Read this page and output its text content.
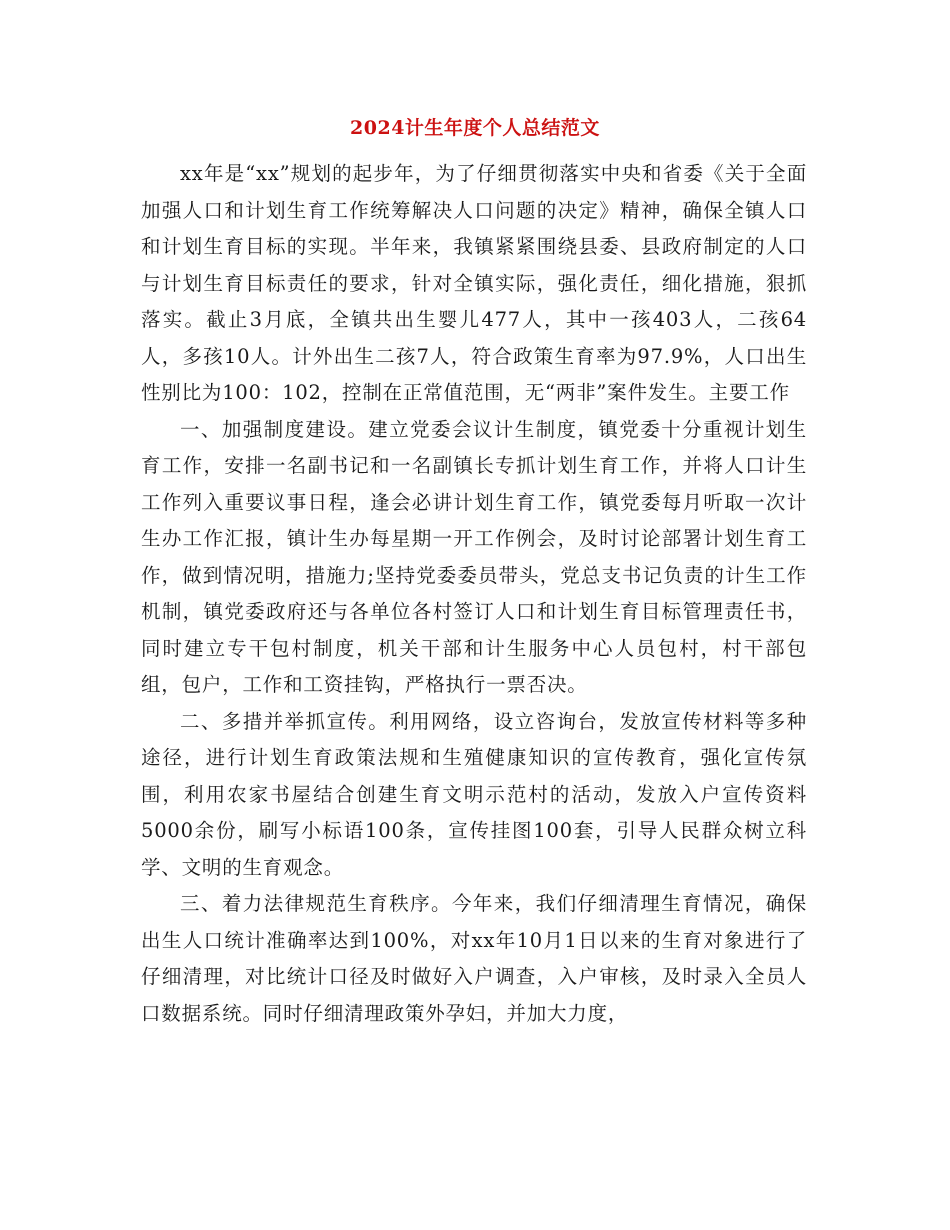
2024计生年度个人总结范文

xx年是“xx”规划的起步年，为了仔细贯彻落实中央和省委《关于全面加强人口和计划生育工作统筹解决人口问题的决定》精神，确保全镇人口和计划生育目标的实现。半年来，我镇紧紧围绕县委、县政府制定的人口与计划生育目标责任的要求，针对全镇实际，强化责任，细化措施，狠抓落实。截止3月底，全镇共出生婴儿477人，其中一孩403人，二孩64人，多孩10人。计外出生二孩7人，符合政策生育率为97.9%，人口出生性别比为100：102，控制在正常值范围，无“两非”案件发生。主要工作

一、加强制度建设。建立党委会议计生制度，镇党委十分重视计划生育工作，安排一名副书记和一名副镇长专抓计划生育工作，并将人口计生工作列入重要议事日程，逢会必讲计划生育工作，镇党委每月听取一次计生办工作汇报，镇计生办每星期一开工作例会，及时讨论部署计划生育工作，做到情况明，措施力;坚持党委委员带头，党总支书记负责的计生工作机制，镇党委政府还与各单位各村签订人口和计划生育目标管理责任书，同时建立专干包村制度，机关干部和计生服务中心人员包村，村干部包组，包户，工作和工资挂钩，严格执行一票否决。

二、多措并举抓宣传。利用网络，设立咨询台，发放宣传材料等多种途径，进行计划生育政策法规和生殖健康知识的宣传教育，强化宣传氛围，利用农家书屋结合创建生育文明示范村的活动，发放入户宣传资料5000余份，刷写小标语100条，宣传挂图100套，引导人民群众树立科学、文明的生育观念。

三、着力法律规范生育秩序。今年来，我们仔细清理生育情况，确保出生人口统计准确率达到100%，对xx年10月1日以来的生育对象进行了仔细清理，对比统计口径及时做好入户调查，入户审核，及时录入全员人口数据系统。同时仔细清理政策外孕妇，并加大力度，
